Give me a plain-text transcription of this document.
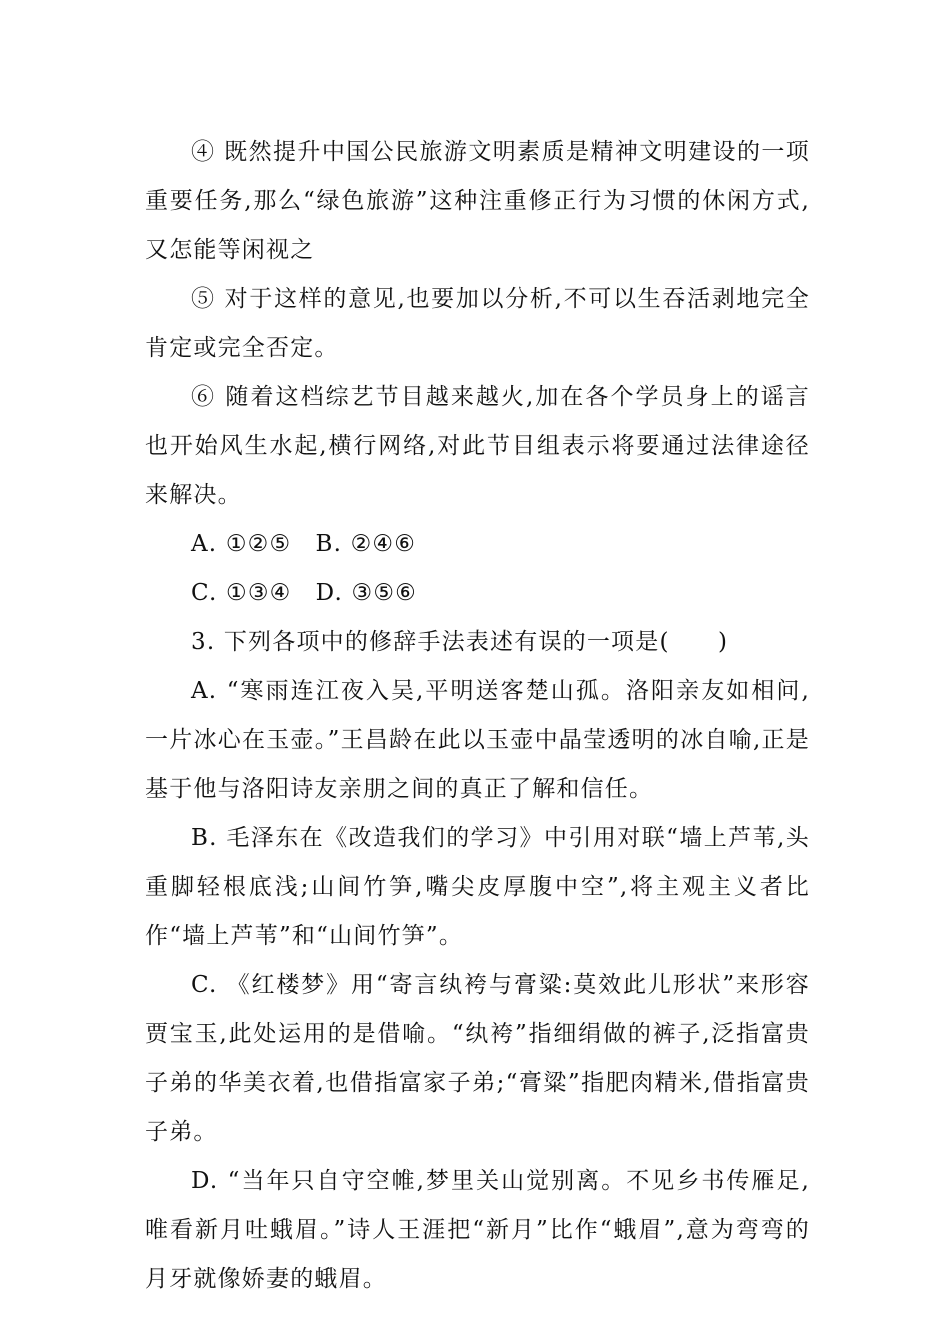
④ 既然提升中国公民旅游文明素质是精神文明建设的一项重要任务,那么“绿色旅游”这种注重修正行为习惯的休闲方式,又怎能等闲视之

⑤ 对于这样的意见,也要加以分析,不可以生吞活剥地完全肯定或完全否定。

⑥ 随着这档综艺节目越来越火,加在各个学员身上的谣言也开始风生水起,横行网络,对此节目组表示将要通过法律途径来解决。

A. ①②⑤　B. ②④⑥

C. ①③④　D. ③⑤⑥

3. 下列各项中的修辞手法表述有误的一项是(　　)

A. “寒雨连江夜入吴,平明送客楚山孤。洛阳亲友如相问,一片冰心在玉壶。”王昌龄在此以玉壶中晶莹透明的冰自喻,正是基于他与洛阳诗友亲朋之间的真正了解和信任。

B. 毛泽东在《改造我们的学习》中引用对联“墙上芦苇,头重脚轻根底浅;山间竹笋,嘴尖皮厚腹中空”,将主观主义者比作“墙上芦苇”和“山间竹笋”。

C. 《红楼梦》用“寄言纨袴与膏粱:莫效此儿形状”来形容贾宝玉,此处运用的是借喻。“纨袴”指细绢做的裤子,泛指富贵子弟的华美衣着,也借指富家子弟;“膏粱”指肥肉精米,借指富贵子弟。

D. “当年只自守空帷,梦里关山觉别离。不见乡书传雁足,唯看新月吐蛾眉。”诗人王涯把“新月”比作“蛾眉”,意为弯弯的月牙就像娇妻的蛾眉。
